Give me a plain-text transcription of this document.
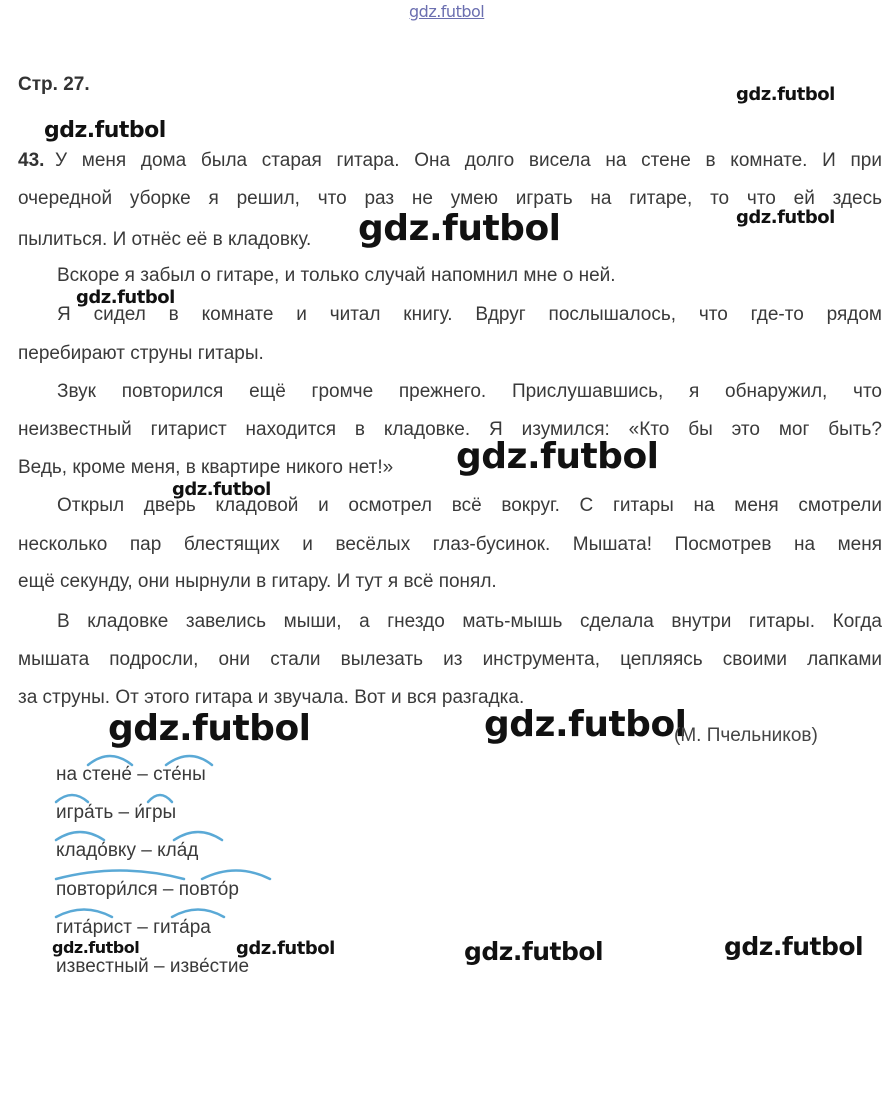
gdz.futbol
gdz.futbol
gdz.futbol
gdz.futbol
gdz.futbol
gdz.futbol
gdz.futbol
gdz.futbol
gdz.futbol	gdz.futbol
gdz.futbol	gdz.futbol	gdz.futbol	gdz.futbol
Стр. 27.
43. У меня дома была старая гитара. Она долго висела на стене в комнате. И при
очередной уборке я решил, что раз не умею играть на гитаре, то что ей здесь
пылиться. И отнёс её в кладовку.
Вскоре я забыл о гитаре, и только случай напомнил мне о ней.
Я сидел в комнате и читал книгу. Вдруг послышалось, что где-то рядом
перебирают струны гитары.
Звук повторился ещё громче прежнего. Прислушавшись, я обнаружил, что
неизвестный гитарист находится в кладовке. Я изумился: «Кто бы это мог быть?
Ведь, кроме меня, в квартире никого нет!»
Открыл дверь кладовой и осмотрел всё вокруг. С гитары на меня смотрели
несколько пар блестящих и весёлых глаз-бусинок. Мышата! Посмотрев на меня
ещё секунду, они нырнули в гитару. И тут я всё понял.
В кладовке завелись мыши, а гнездо мать-мышь сделала внутри гитары. Когда
мышата подросли, они стали вылезать из инструмента, цепляясь своими лапками
за струны. От этого гитара и звучала. Вот и вся разгадка.
(М. Пчельников)
на стене́ – сте́ны
игра́ть – и́гры
кладо́вку – кла́д
повтори́лся – повто́р
гита́рист – гита́ра
известный – изве́стие
